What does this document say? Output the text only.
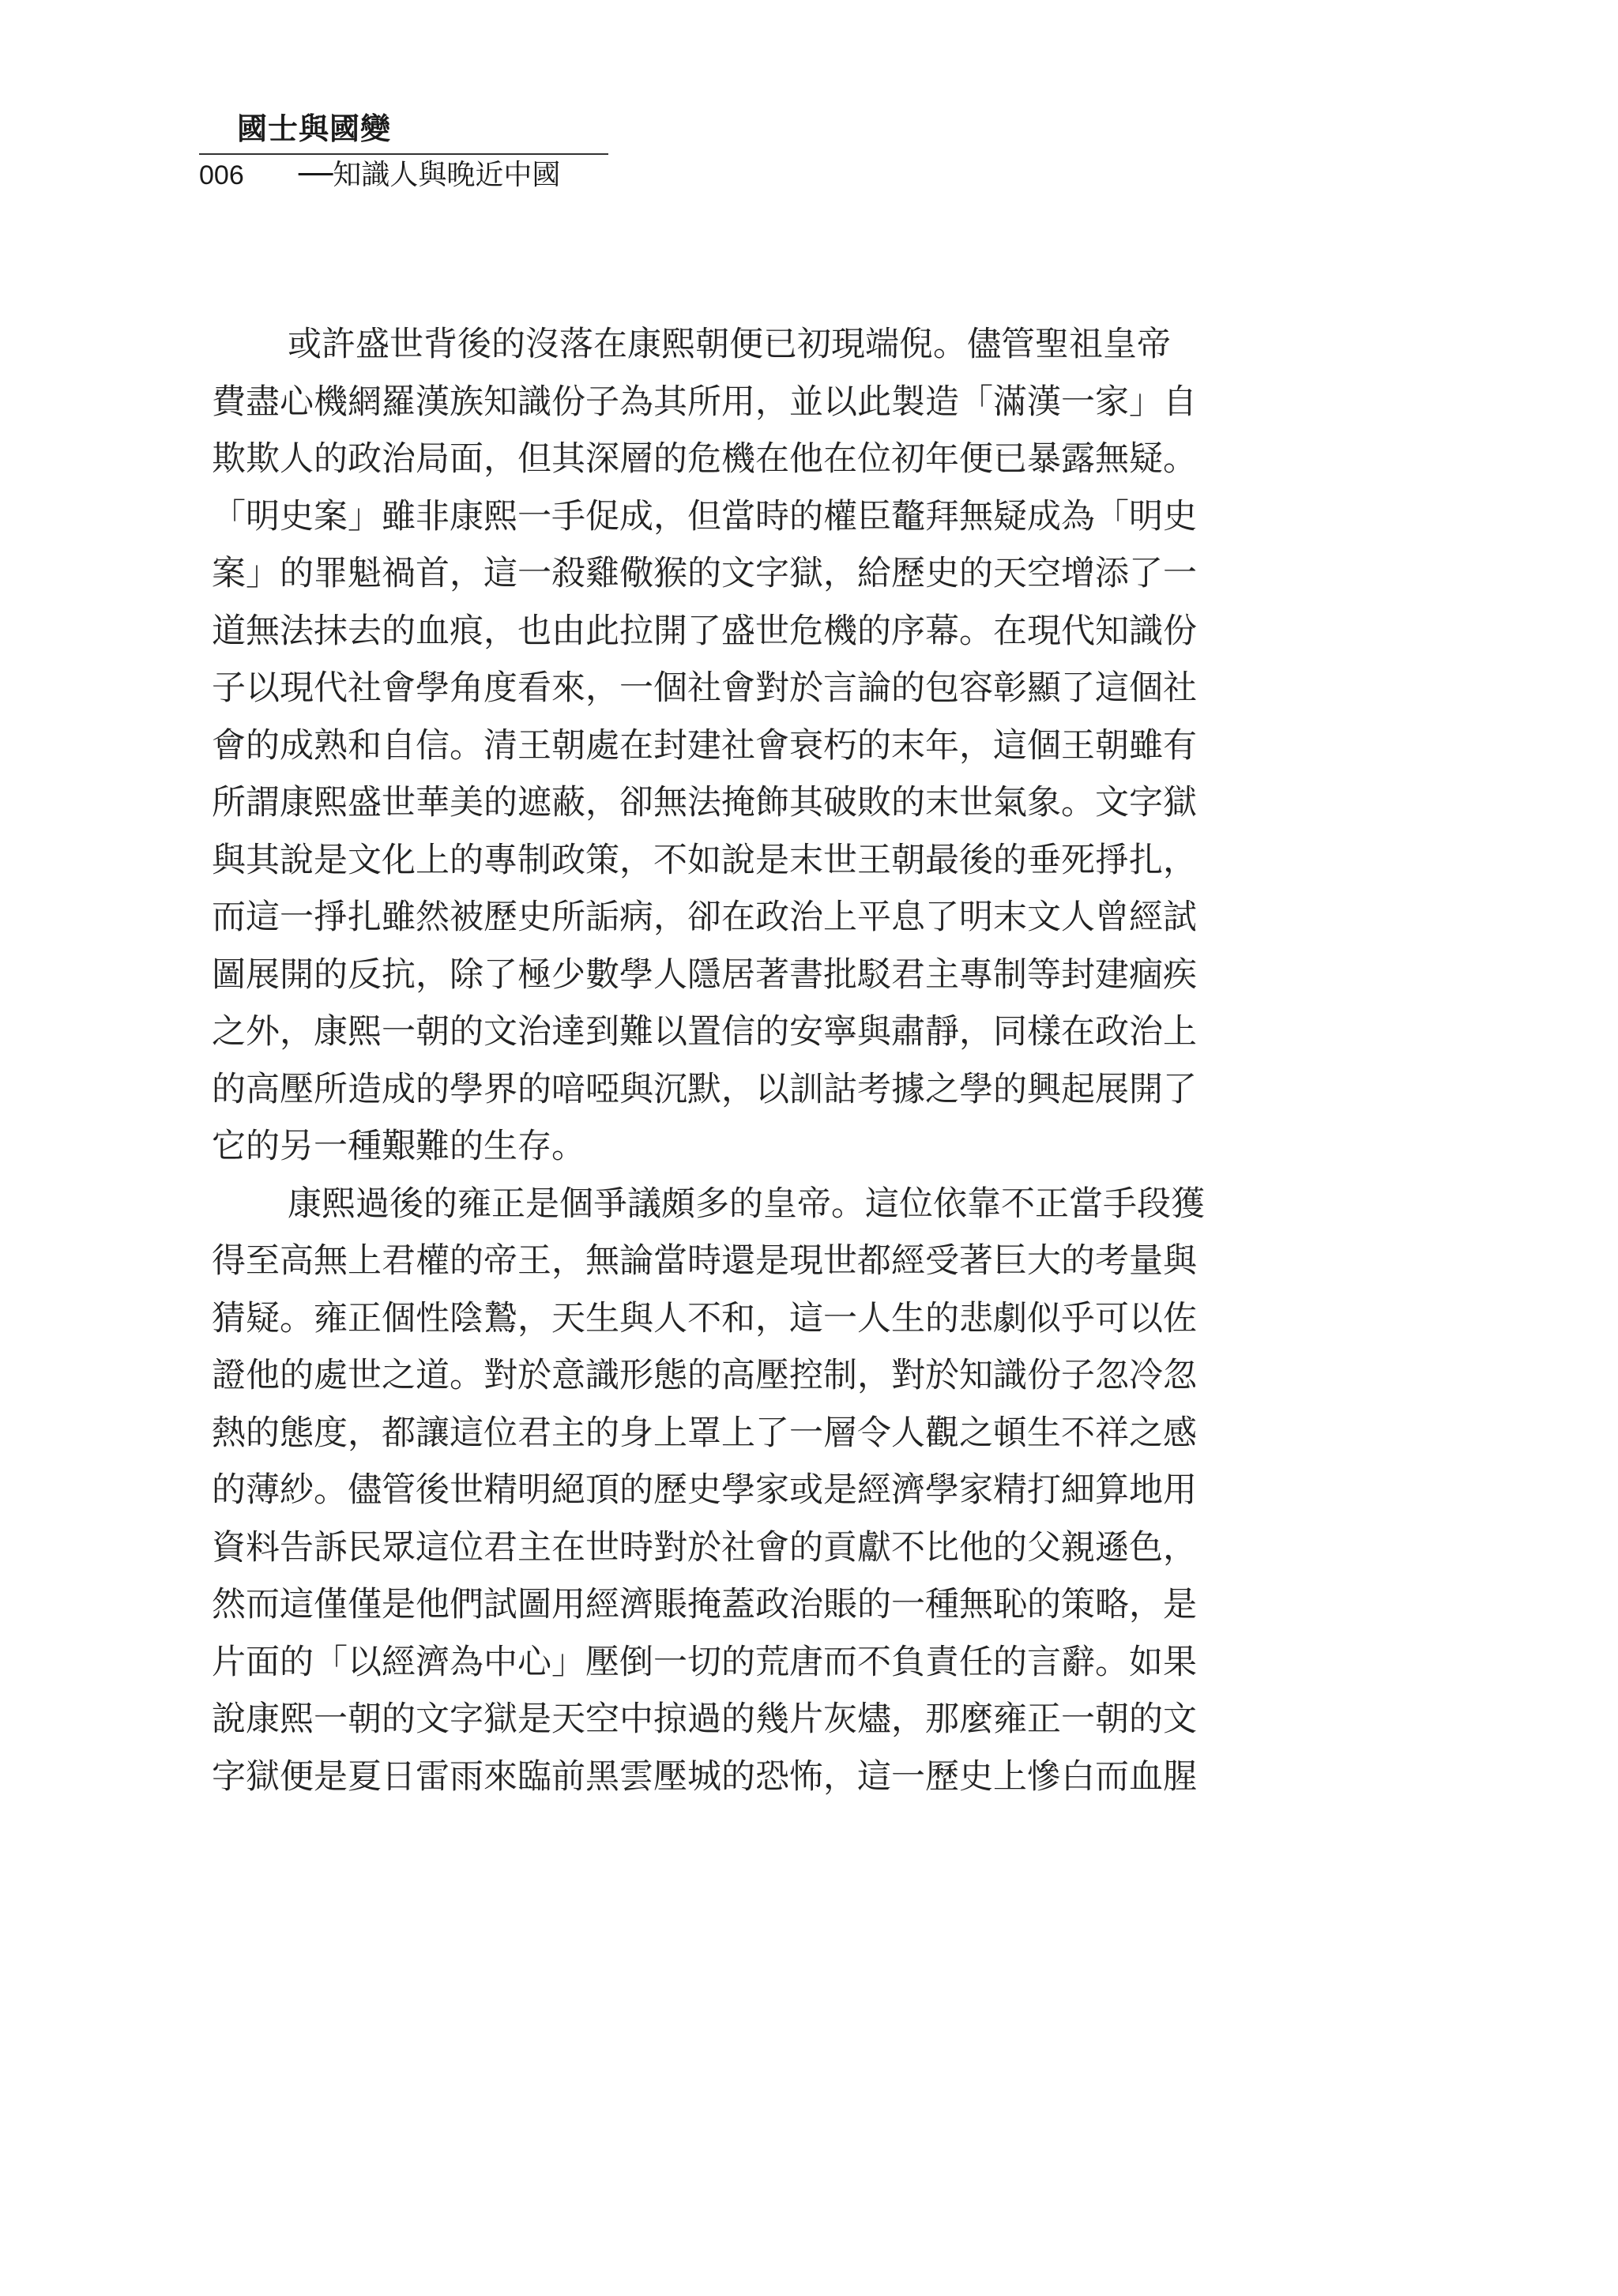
國士與國變
006 ──知識人與晚近中國

或許盛世背後的沒落在康熙朝便已初現端倪。儘管聖祖皇帝
費盡心機網羅漢族知識份子為其所用，並以此製造「滿漢一家」自
欺欺人的政治局面，但其深層的危機在他在位初年便已暴露無疑。
「明史案」雖非康熙一手促成，但當時的權臣鼇拜無疑成為「明史
案」的罪魁禍首，這一殺雞儆猴的文字獄，給歷史的天空增添了一
道無法抹去的血痕，也由此拉開了盛世危機的序幕。在現代知識份
子以現代社會學角度看來，一個社會對於言論的包容彰顯了這個社
會的成熟和自信。清王朝處在封建社會衰朽的末年，這個王朝雖有
所謂康熙盛世華美的遮蔽，卻無法掩飾其破敗的末世氣象。文字獄
與其說是文化上的專制政策，不如說是末世王朝最後的垂死掙扎，
而這一掙扎雖然被歷史所詬病，卻在政治上平息了明末文人曾經試
圖展開的反抗，除了極少數學人隱居著書批駁君主專制等封建痼疾
之外，康熙一朝的文治達到難以置信的安寧與肅靜，同樣在政治上
的高壓所造成的學界的喑啞與沉默，以訓詁考據之學的興起展開了
它的另一種艱難的生存。

康熙過後的雍正是個爭議頗多的皇帝。這位依靠不正當手段獲
得至高無上君權的帝王，無論當時還是現世都經受著巨大的考量與
猜疑。雍正個性陰鷙，天生與人不和，這一人生的悲劇似乎可以佐
證他的處世之道。對於意識形態的高壓控制，對於知識份子忽冷忽
熱的態度，都讓這位君主的身上罩上了一層令人觀之頓生不祥之感
的薄紗。儘管後世精明絕頂的歷史學家或是經濟學家精打細算地用
資料告訴民眾這位君主在世時對於社會的貢獻不比他的父親遜色，
然而這僅僅是他們試圖用經濟賬掩蓋政治賬的一種無恥的策略，是
片面的「以經濟為中心」壓倒一切的荒唐而不負責任的言辭。如果
說康熙一朝的文字獄是天空中掠過的幾片灰燼，那麼雍正一朝的文
字獄便是夏日雷雨來臨前黑雲壓城的恐怖，這一歷史上慘白而血腥
